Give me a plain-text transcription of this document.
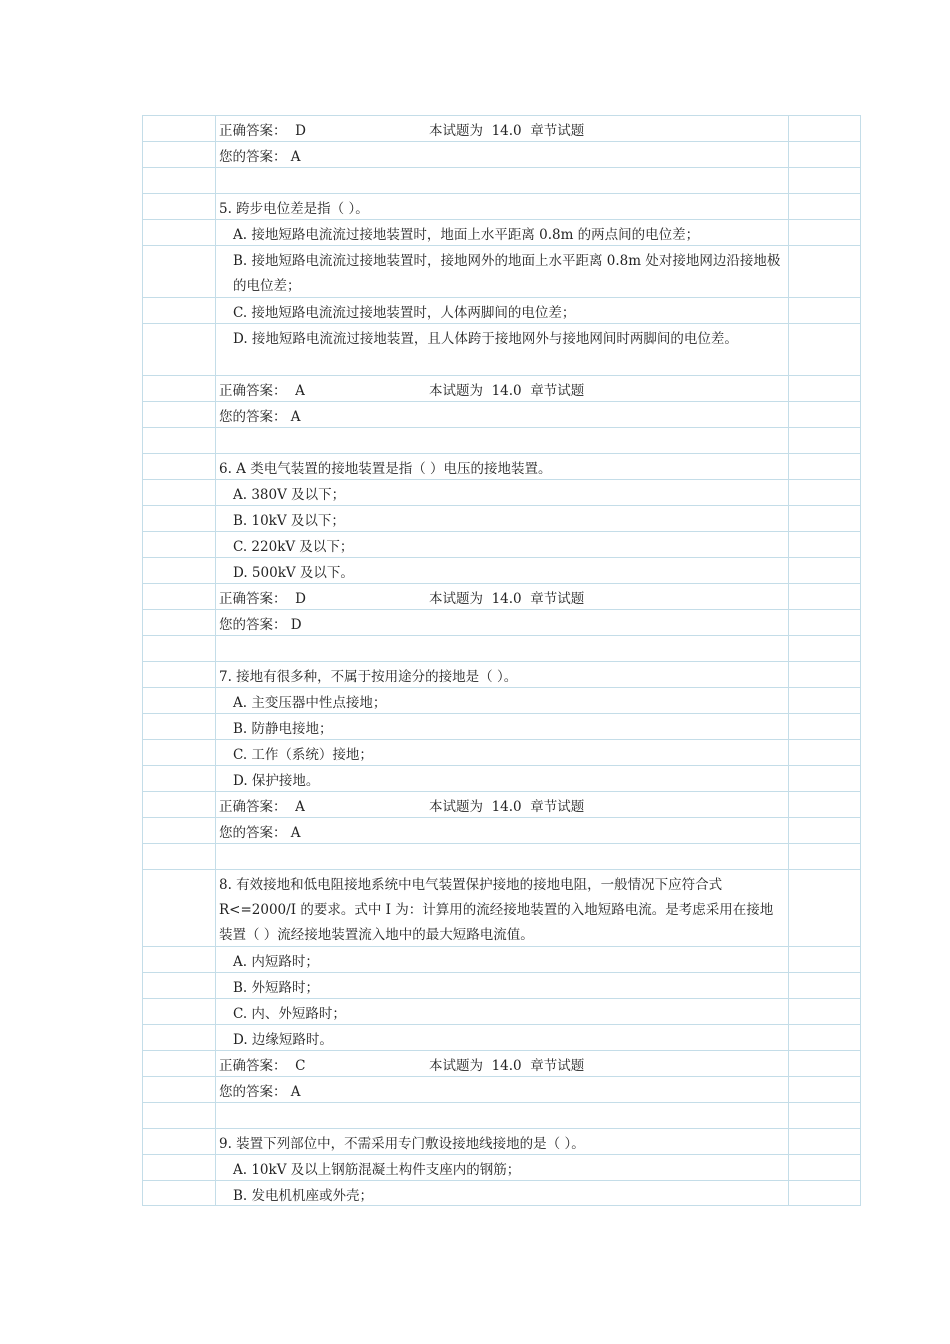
正确答案：  D	本试题为  14.0  章节试题
您的答案： A
5. 跨步电位差是指（ ）。
A. 接地短路电流流过接地装置时，地面上水平距离 0.8m 的两点间的电位差；
B. 接地短路电流流过接地装置时，接地网外的地面上水平距离 0.8m 处对接地网边沿接地极的电位差；
C. 接地短路电流流过接地装置时，人体两脚间的电位差；
D. 接地短路电流流过接地装置，且人体跨于接地网外与接地网间时两脚间的电位差。
正确答案：  A	本试题为  14.0  章节试题
您的答案： A
6. A 类电气装置的接地装置是指（ ）电压的接地装置。
A. 380V 及以下；
B. 10kV 及以下；
C. 220kV 及以下；
D. 500kV 及以下。
正确答案：  D	本试题为  14.0  章节试题
您的答案： D
7. 接地有很多种，不属于按用途分的接地是（ ）。
A. 主变压器中性点接地；
B. 防静电接地；
C. 工作（系统）接地；
D. 保护接地。
正确答案：  A	本试题为  14.0  章节试题
您的答案： A
8. 有效接地和低电阻接地系统中电气装置保护接地的接地电阻，一般情况下应符合式 R<=2000/I 的要求。式中 I 为：计算用的流经接地装置的入地短路电流。是考虑采用在接地装置（ ）流经接地装置流入地中的最大短路电流值。
A. 内短路时；
B. 外短路时；
C. 内、外短路时；
D. 边缘短路时。
正确答案：  C	本试题为  14.0  章节试题
您的答案： A
9. 装置下列部位中，不需采用专门敷设接地线接地的是（ ）。
A. 10kV 及以上钢筋混凝土构件支座内的钢筋；
B. 发电机机座或外壳；
